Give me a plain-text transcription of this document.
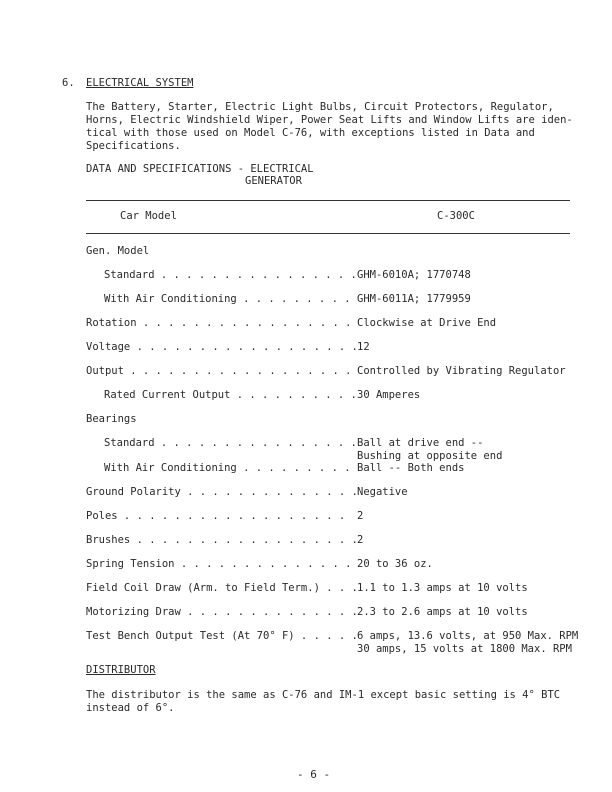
6. ELECTRICAL SYSTEM
The Battery, Starter, Electric Light Bulbs, Circuit Protectors, Regulator,
Horns, Electric Windshield Wiper, Power Seat Lifts and Window Lifts are iden-
tical with those used on Model C-76, with exceptions listed in Data and
Specifications.
DATA AND SPECIFICATIONS - ELECTRICAL
GENERATOR
Car Model	C-300C
Gen. Model
Standard . . . . . . . . . . . . . . . . GHM-6010A; 1770748
With Air Conditioning . . . . . . . . . GHM-6011A; 1779959
Rotation . . . . . . . . . . . . . . . . . Clockwise at Drive End
Voltage . . . . . . . . . . . . . . . . . . 12
Output . . . . . . . . . . . . . . . . . . Controlled by Vibrating Regulator
Rated Current Output . . . . . . . . . . 30 Amperes
Bearings
Standard . . . . . . . . . . . . . . . . Ball at drive end --
Bushing at opposite end
With Air Conditioning . . . . . . . . . Ball -- Both ends
Ground Polarity . . . . . . . . . . . . . . Negative
Poles . . . . . . . . . . . . . . . . . . 2
Brushes . . . . . . . . . . . . . . . . . . 2
Spring Tension . . . . . . . . . . . . . . 20 to 36 oz.
Field Coil Draw (Arm. to Field Term.) . . . 1.1 to 1.3 amps at 10 volts
Motorizing Draw . . . . . . . . . . . . . . 2.3 to 2.6 amps at 10 volts
Test Bench Output Test (At 70° F) . . . . . 6 amps, 13.6 volts, at 950 Max. RPM
30 amps, 15 volts at 1800 Max. RPM
DISTRIBUTOR
The distributor is the same as C-76 and IM-1 except basic setting is 4° BTC
instead of 6°.
- 6 -
